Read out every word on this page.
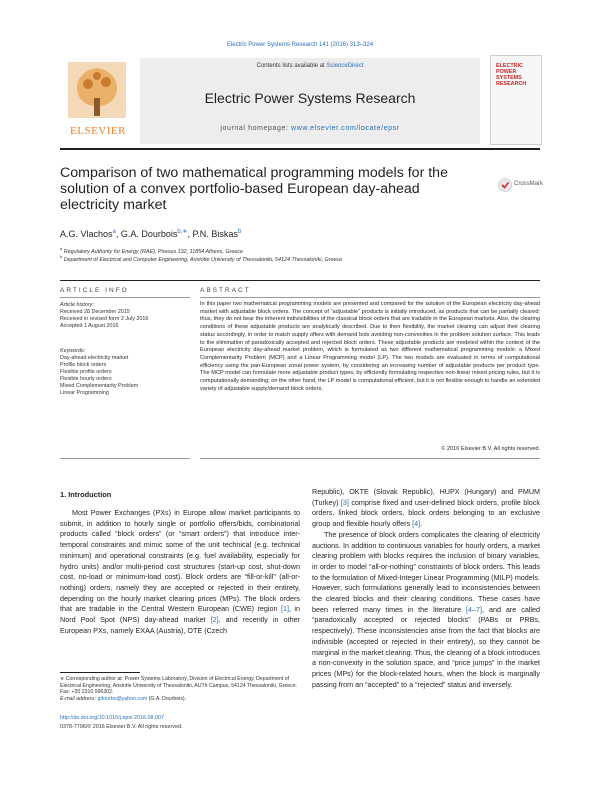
Electric Power Systems Research 141 (2016) 313–324
ELSEVIER
Contents lists available at ScienceDirect
Electric Power Systems Research
journal homepage: www.elsevier.com/locate/epsr
ELECTRIC POWER SYSTEMS RESEARCH
Comparison of two mathematical programming models for the solution of a convex portfolio-based European day-ahead electricity market
CrossMark
A.G. Vlachos$^a$, G.A. Dourbois$^{b,∗}$, P.N. Biskas$^b$
$^a$ Regulatory Authority for Energy (RAE), Pireous 132, 11854 Athens, Greece
$^b$ Department of Electrical and Computer Engineering, Aristotle University of Thessaloniki, 54124 Thessaloniki, Greece
ARTICLE INFO	ABSTRACT
Article history:
Received 28 December 2015
Received in revised form 2 July 2016
Accepted 1 August 2016
Keywords:
Day-ahead electricity market
Profile block orders
Flexible profile orders
Flexible hourly orders
Mixed Complementarity Problem
Linear Programming
In this paper two mathematical programming models are presented and compared for the solution of the European electricity day-ahead market with adjustable block orders. The concept of “adjustable” products is initially introduced, as products that can be partially cleared; thus, they do not bear the inherent indivisibilities of the classical block orders that are tradable in the European markets. Also, the clearing conditions of these adjustable products are analytically described. Due to their flexibility, the market clearing can adjust their clearing status accordingly, in order to match supply offers with demand bids avoiding non-convexities in the problem solution surface. This leads to the elimination of paradoxically accepted and rejected block orders. These adjustable products are modeled within the context of the European electricity day-ahead market problem, which is formulated as two different mathematical programming models: a Mixed Complementarity Problem (MCP) and a Linear Programming model (LP). The two models are evaluated in terms of computational efficiency using the pan-European zonal power system, by considering an increasing number of adjustable products per product type. The MCP model can formulate more adjustable product types, by efficiently formulating respective non-linear mixed pricing rules, but it is computationally demanding; on the other hand, the LP model is computational efficient, but it is not flexible enough to handle an extended variety of adjustable supply/demand block orders.
© 2016 Elsevier B.V. All rights reserved.
1. Introduction
Most Power Exchanges (PXs) in Europe allow market participants to submit, in addition to hourly single or portfolio offers/bids, combinatorial products called “block orders” (or “smart orders”) that introduce inter-temporal constraints and mimic some of the unit technical (e.g. technical minimum) and operational constraints (e.g. fuel availability, especially for hydro units) and/or multi-period cost structures (start-up cost, shut-down cost, no-load or minimum-load cost). Block orders are “fill-or-kill” (all-or-nothing) orders, namely they are accepted or rejected in their entirety, depending on the hourly market clearing prices (MPs). The block orders that are tradable in the Central Western European (CWE) region [1], in Nord Pool Spot (NPS) day-ahead market [2], and recently in other European PXs, namely EXAA (Austria), OTE (Czech
Republic), OKTE (Slovak Republic), HUPX (Hungary) and PMUM (Turkey) [3] comprise fixed and user-defined block orders, profile block orders, linked block orders, block orders belonging to an exclusive group and flexible hourly offers [4].
The presence of block orders complicates the clearing of electricity auctions. In addition to continuous variables for hourly orders, a market clearing problem with blocks requires the inclusion of binary variables, in order to model “all-or-nothing” constraints of block orders. This leads to the formulation of Mixed-Integer Linear Programming (MILP) models. However, such formulations generally lead to inconsistencies between the cleared blocks and their clearing conditions. These cases have been referred many times in the literature [4–7], and are called “paradoxically accepted or rejected blocks” (PABs or PRBs, respectively). These inconsistencies arise from the fact that blocks are indivisible (accepted or rejected in their entirety), so they cannot be marginal in the market clearing. Thus, the clearing of a block introduces a non-convexity in the solution space, and “price jumps” in the market prices (MPs) for the block-related hours, when the block is marginally passing from an “accepted” to a “rejected” status and inversely.
∗ Corresponding author at: Power Systems Laboratory, Division of Electrical Energy, Department of Electrical Engineering, Aristotle University of Thessaloniki, AUTh Campus, 54124 Thessaloniki, Greece. Fax: +30 2310 996302.
E-mail address: gdourbo@yahoo.com (G.A. Dourbois).
http://dx.doi.org/10.1016/j.epsr.2016.08.007
0378-7796/© 2016 Elsevier B.V. All rights reserved.
